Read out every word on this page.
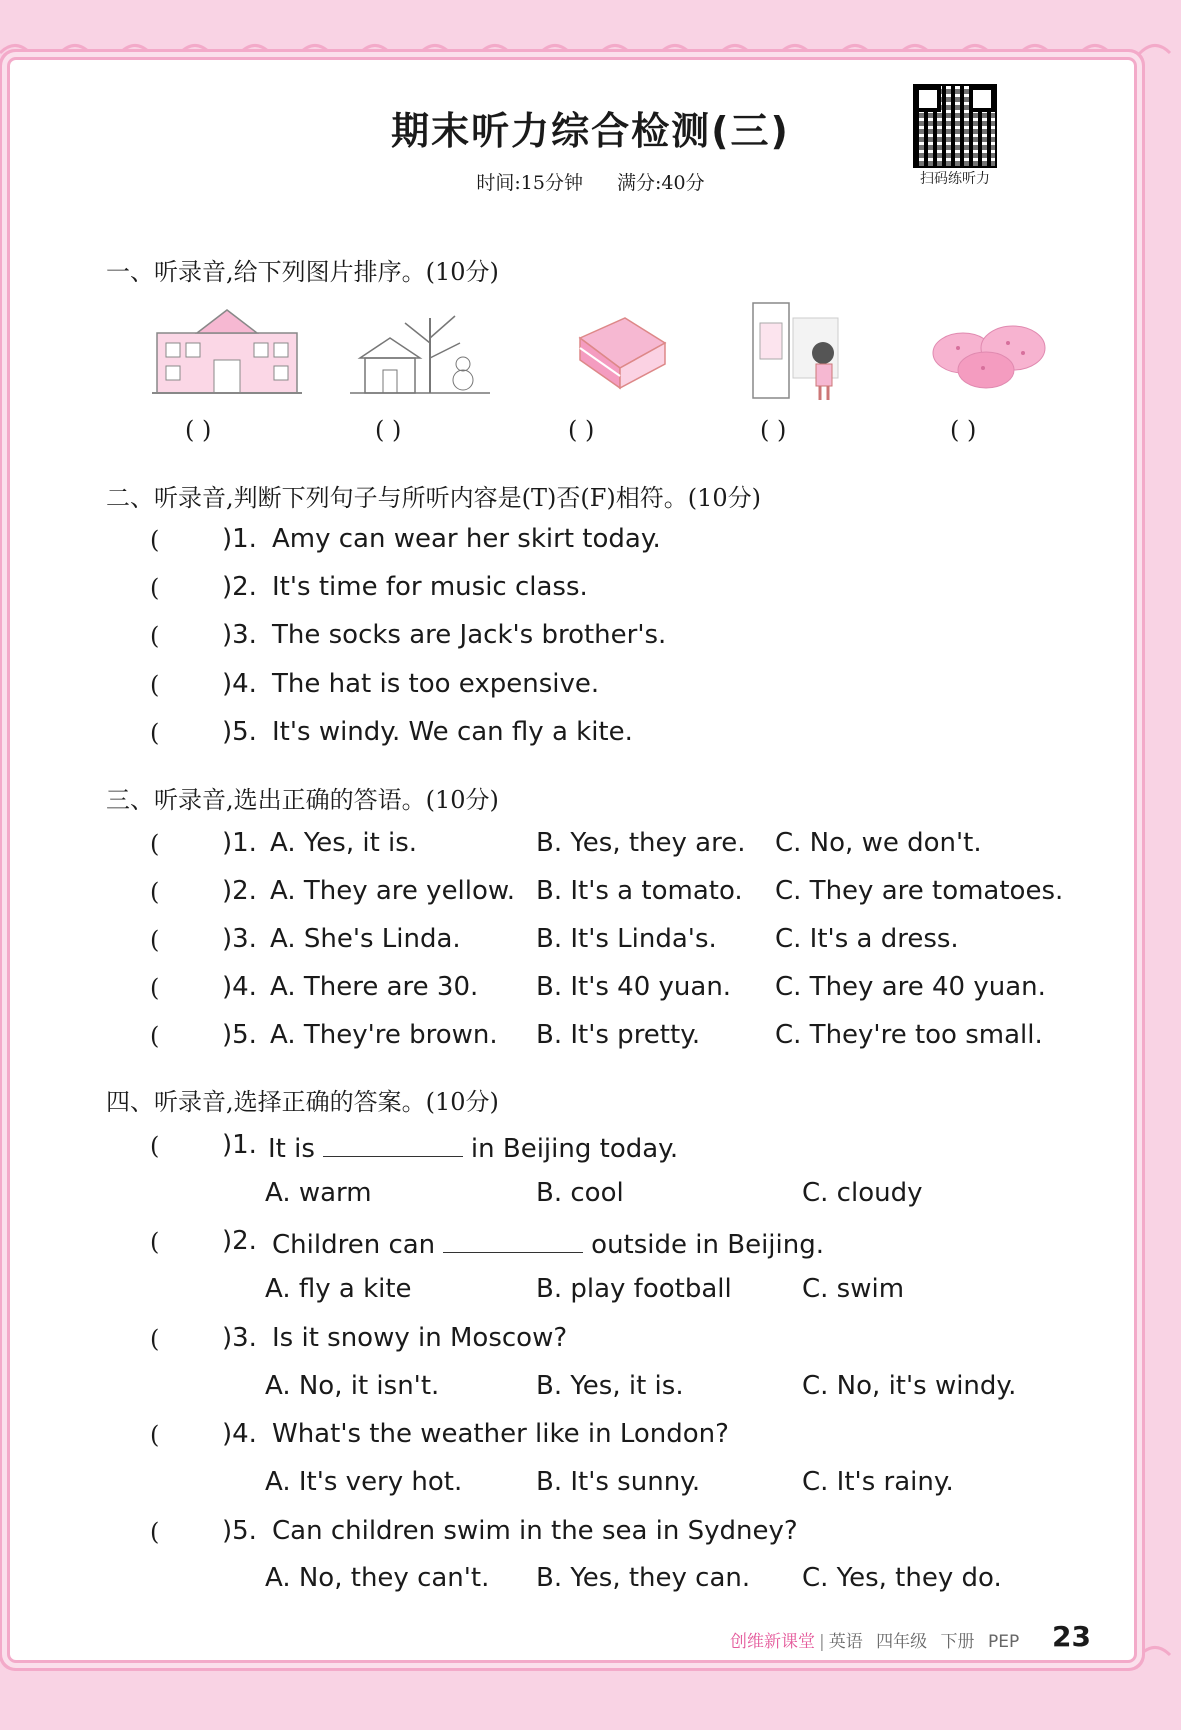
期末听力综合检测(三)
时间:15分钟 满分:40分	扫码练听力
一、听录音,给下列图片排序。(10分)
( )	( )	( )	( )	( )
二、听录音,判断下列句子与所听内容是(T)否(F)相符。(10分)
( )1. Amy can wear her skirt today.
( )2. It's time for music class.
( )3. The socks are Jack's brother's.
( )4. The hat is too expensive.
( )5. It's windy. We can fly a kite.
三、听录音,选出正确的答语。(10分)
( )1. A. Yes, it is.	B. Yes, they are. C. No, we don't.
( )2. A. They are yellow. B. It's a tomato. C. They are tomatoes.
( )3. A. She's Linda.	B. It's Linda's. C. It's a dress.
( )4. A. There are 30. B. It's 40 yuan. C. They are 40 yuan.
( )5. A. They're brown. B. It's pretty.	C. They're too small.
四、听录音,选择正确的答案。(10分)
( )1. It is	in Beijing today.
A. warm	B. cool	C. cloudy
( )2. Children can	outside in Beijing.
A. fly a kite	B. play football	C. swim
( )3. Is it snowy in Moscow?
A. No, it isn't.	B. Yes, it is.	C. No, it's windy.
( )4. What's the weather like in London?
A. It's very hot.	B. It's sunny.	C. It's rainy.
( )5. Can children swim in the sea in Sydney?
A. No, they can't. B. Yes, they can. C. Yes, they do.
创维新课堂 | 英语 四年级 下册 PEP 23
